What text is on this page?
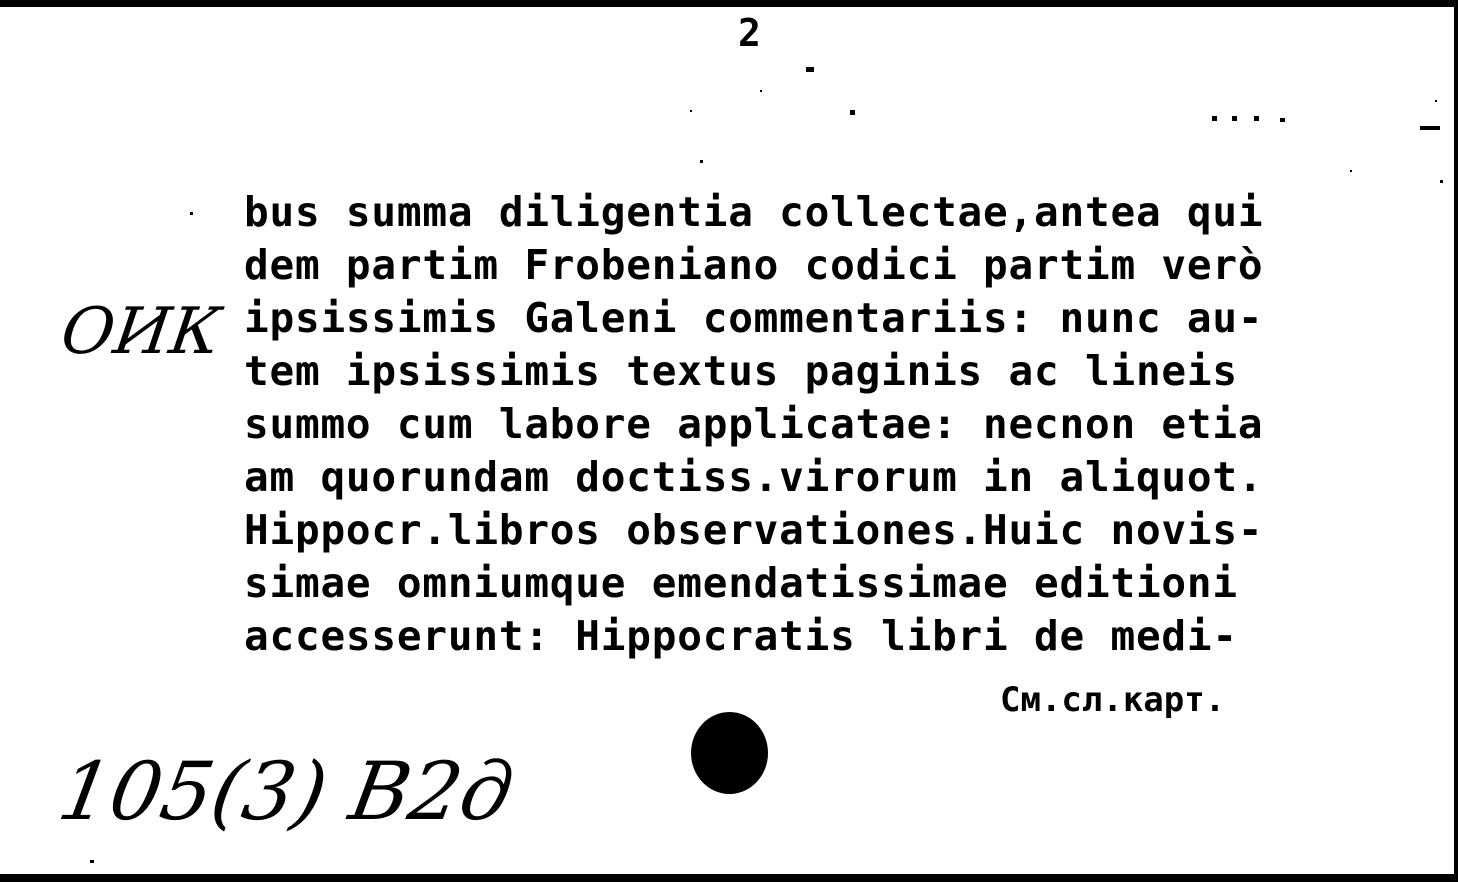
2
bus summa diligentia collectae,antea qui
dem partim Frobeniano codici partim verò
ipsissimis Galeni commentariis: nunc au-
tem ipsissimis textus paginis ac lineis
summo cum labore applicatae: necnon etia
am quorundam doctiss.virorum in aliquot.
Hippocr.libros observationes.Huic novis-
simae omniumque emendatissimae editioni
accesserunt: Hippocratis libri de medi-
См.сл.карт.
ОИК
105(3) В2д
